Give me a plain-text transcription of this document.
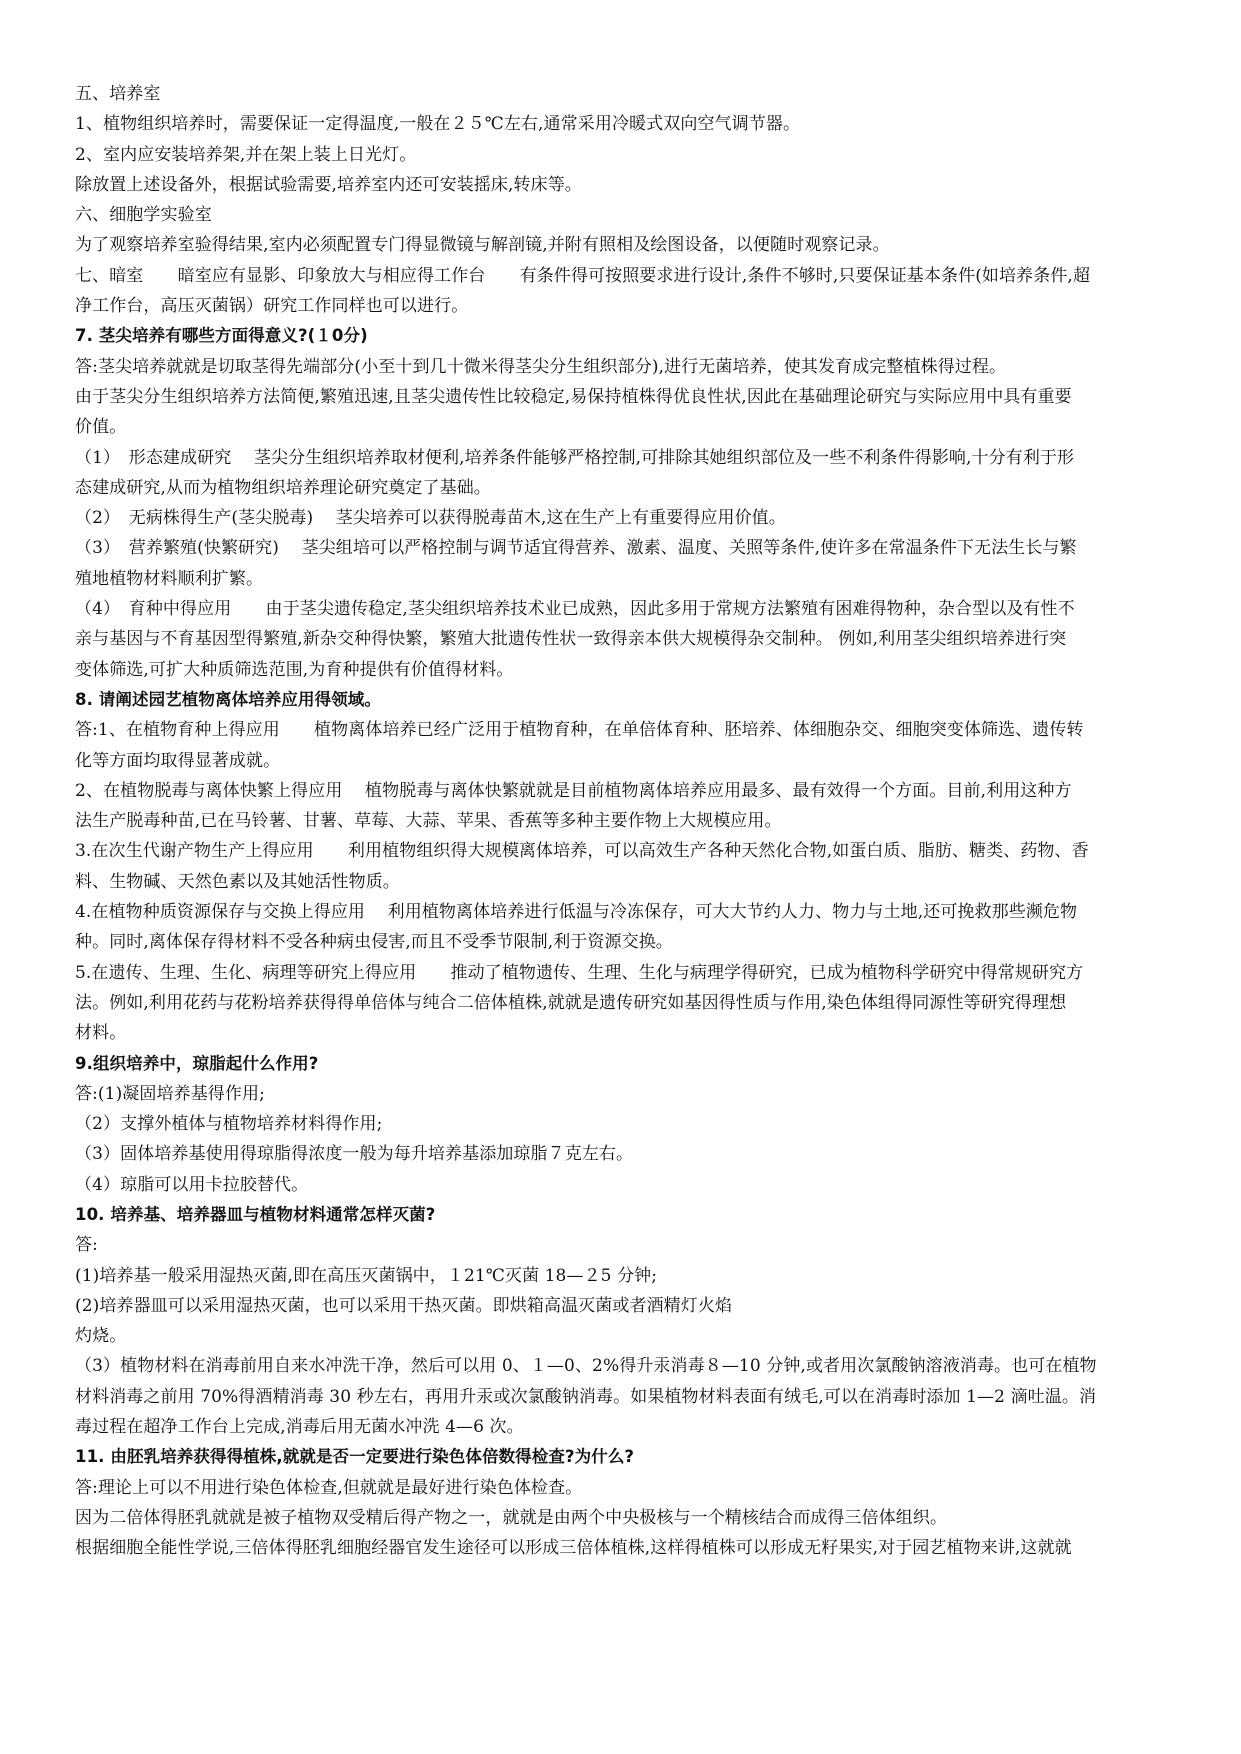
五、培养室
1、植物组织培养时，需要保证一定得温度,一般在２５℃左右,通常采用冷暖式双向空气调节器。
2、室内应安装培养架,并在架上装上日光灯。
除放置上述设备外，根据试验需要,培养室内还可安装摇床,转床等。
六、细胞学实验室
为了观察培养室验得结果,室内必须配置专门得显微镜与解剖镜,并附有照相及绘图设备，以便随时观察记录。
七、暗室　　暗室应有显影、印象放大与相应得工作台　　有条件得可按照要求进行设计,条件不够时,只要保证基本条件(如培养条件,超
净工作台，高压灭菌锅）研究工作同样也可以进行。
7. 茎尖培养有哪些方面得意义?(１0分)
答:茎尖培养就就是切取茎得先端部分(小至十到几十微米得茎尖分生组织部分),进行无菌培养，使其发育成完整植株得过程。
由于茎尖分生组织培养方法简便,繁殖迅速,且茎尖遗传性比较稳定,易保持植株得优良性状,因此在基础理论研究与实际应用中具有重要
价值。
（1）　形态建成研究　 茎尖分生组织培养取材便利,培养条件能够严格控制,可排除其她组织部位及一些不利条件得影响,十分有利于形
态建成研究,从而为植物组织培养理论研究奠定了基础。
（2）　无病株得生产(茎尖脱毒)　 茎尖培养可以获得脱毒苗木,这在生产上有重要得应用价值。
（3）　营养繁殖(快繁研究)　 茎尖组培可以严格控制与调节适宜得营养、激素、温度、关照等条件,使许多在常温条件下无法生长与繁
殖地植物材料顺利扩繁。
（4）　育种中得应用　　由于茎尖遗传稳定,茎尖组织培养技术业已成熟，因此多用于常规方法繁殖有困难得物种，杂合型以及有性不
亲与基因与不育基因型得繁殖,新杂交种得快繁，繁殖大批遗传性状一致得亲本供大规模得杂交制种。 例如,利用茎尖组织培养进行突
变体筛选,可扩大种质筛选范围,为育种提供有价值得材料。
8. 请阐述园艺植物离体培养应用得领域。
答:1、在植物育种上得应用　　植物离体培养已经广泛用于植物育种，在单倍体育种、胚培养、体细胞杂交、细胞突变体筛选、遗传转
化等方面均取得显著成就。
2、在植物脱毒与离体快繁上得应用　 植物脱毒与离体快繁就就是目前植物离体培养应用最多、最有效得一个方面。目前,利用这种方
法生产脱毒种苗,已在马铃薯、甘薯、草莓、大蒜、苹果、香蕉等多种主要作物上大规模应用。
3.在次生代谢产物生产上得应用　　利用植物组织得大规模离体培养，可以高效生产各种天然化合物,如蛋白质、脂肪、糖类、药物、香
料、生物碱、天然色素以及其她活性物质。
4.在植物种质资源保存与交换上得应用　 利用植物离体培养进行低温与冷冻保存，可大大节约人力、物力与土地,还可挽救那些濒危物
种。同时,离体保存得材料不受各种病虫侵害,而且不受季节限制,利于资源交换。
5.在遗传、生理、生化、病理等研究上得应用　　推动了植物遗传、生理、生化与病理学得研究，已成为植物科学研究中得常规研究方
法。例如,利用花药与花粉培养获得得单倍体与纯合二倍体植株,就就是遗传研究如基因得性质与作用,染色体组得同源性等研究得理想
材料。
9.组织培养中，琼脂起什么作用?
答:(1)凝固培养基得作用;
（2）支撑外植体与植物培养材料得作用;
（3）固体培养基使用得琼脂得浓度一般为每升培养基添加琼脂７克左右。
（4）琼脂可以用卡拉胶替代。
10. 培养基、培养器皿与植物材料通常怎样灭菌?
答:
(1)培养基一般采用湿热灭菌,即在高压灭菌锅中，１21℃灭菌 18—２5 分钟;
(2)培养器皿可以采用湿热灭菌，也可以采用干热灭菌。即烘箱高温灭菌或者酒精灯火焰
灼烧。
（3）植物材料在消毒前用自来水冲洗干净，然后可以用 0、１—0、2%得升汞消毒８—10 分钟,或者用次氯酸钠溶液消毒。也可在植物
材料消毒之前用 70%得酒精消毒 30 秒左右，再用升汞或次氯酸钠消毒。如果植物材料表面有绒毛,可以在消毒时添加 1—2 滴吐温。消
毒过程在超净工作台上完成,消毒后用无菌水冲洗 4—6 次。
11. 由胚乳培养获得得植株,就就是否一定要进行染色体倍数得检查?为什么?
答:理论上可以不用进行染色体检查,但就就是最好进行染色体检查。
因为二倍体得胚乳就就是被子植物双受精后得产物之一，就就是由两个中央极核与一个精核结合而成得三倍体组织。
根据细胞全能性学说,三倍体得胚乳细胞经器官发生途径可以形成三倍体植株,这样得植株可以形成无籽果实,对于园艺植物来讲,这就就
